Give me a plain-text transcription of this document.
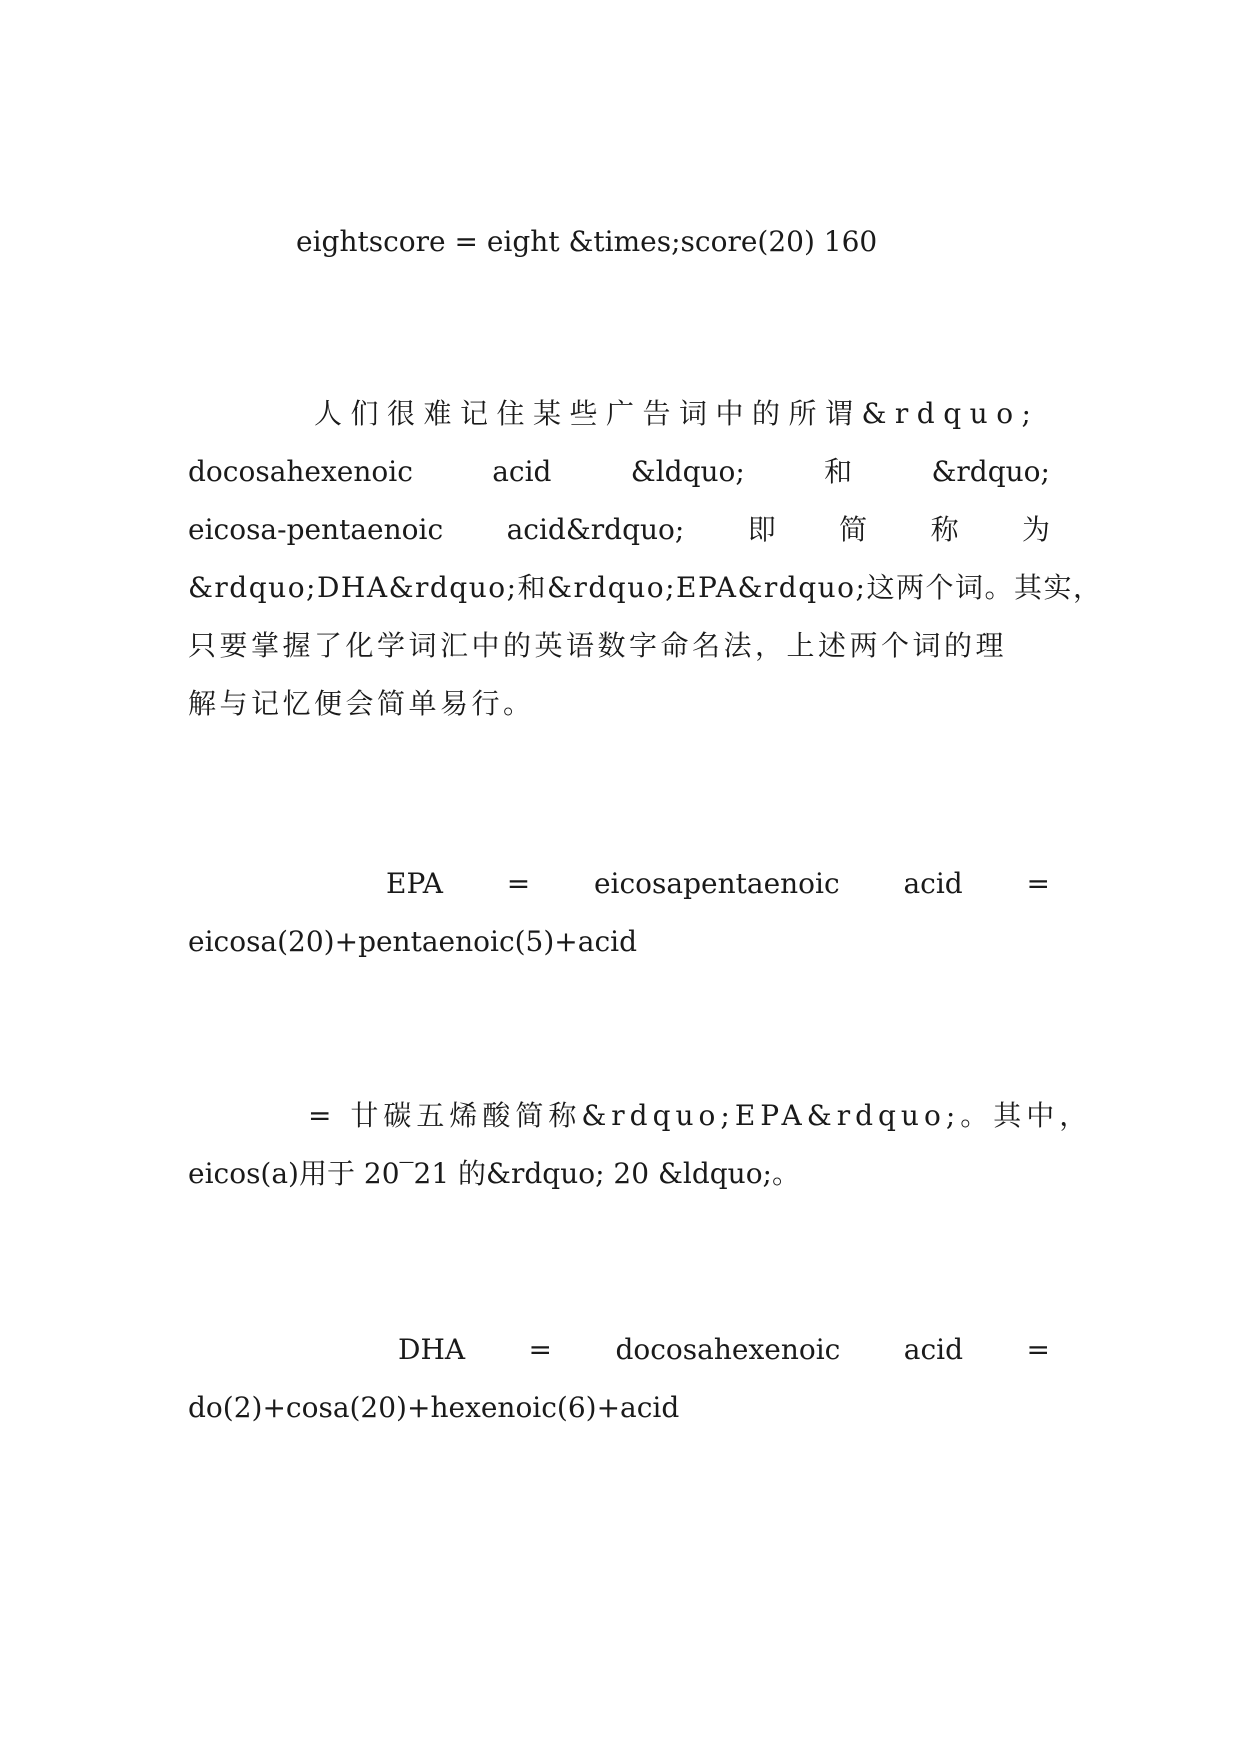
eightscore = eight &times;score(20) 160
人们很难记住某些广告词中的所谓&rdquo;
docosahexenoic	acid	&ldquo;	和	&rdquo;
eicosa-pentaenoic acid&rdquo; 即 简 称 为
&rdquo;DHA&rdquo;和&rdquo;EPA&rdquo;这两个词。其实，
只要掌握了化学词汇中的英语数字命名法，上述两个词的理
解与记忆便会简单易行。
EPA = eicosapentaenoic acid =
eicosa(20)+pentaenoic(5)+acid
= 廿碳五烯酸简称&rdquo;EPA&rdquo;。其中，
eicos(a)用于 20‾21 的&rdquo; 20 &ldquo;。
DHA = docosahexenoic acid =
do(2)+cosa(20)+hexenoic(6)+acid
